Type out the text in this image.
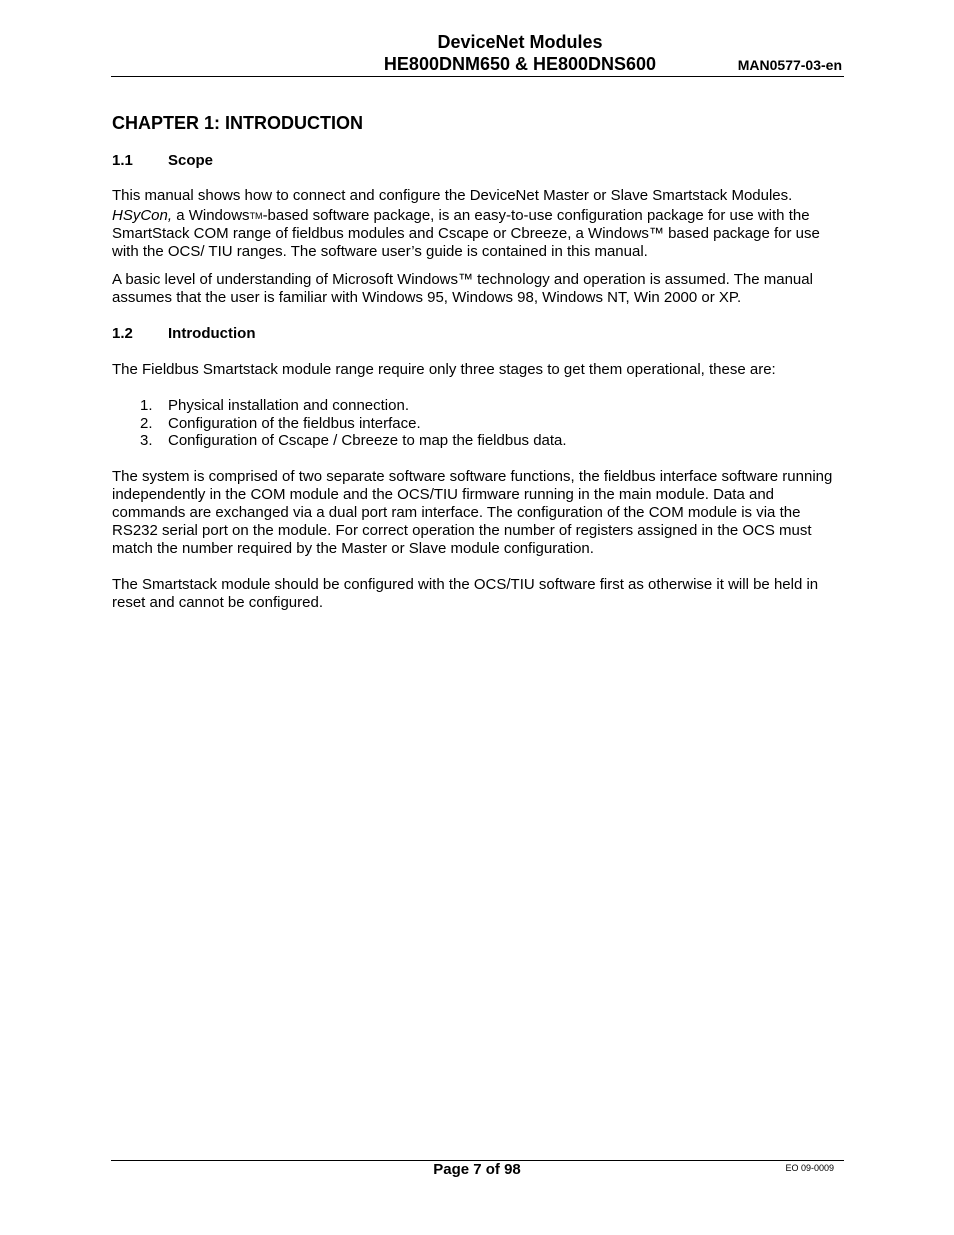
DeviceNet Modules
HE800DNM650 & HE800DNS600	MAN0577-03-en
CHAPTER 1: INTRODUCTION
1.1 Scope

This manual shows how to connect and configure the DeviceNet Master or Slave Smartstack Modules.

HSyCon, a WindowsTM-based software package, is an easy-to-use configuration package for use with the SmartStack COM range of fieldbus modules and Cscape or Cbreeze, a Windows™ based package for use with the OCS/ TIU ranges. The software user’s guide is contained in this manual.

A basic level of understanding of Microsoft Windows™ technology and operation is assumed. The manual assumes that the user is familiar with Windows 95, Windows 98, Windows NT, Win 2000 or XP.

1.2 Introduction

The Fieldbus Smartstack module range require only three stages to get them operational, these are:

1. Physical installation and connection.
2. Configuration of the fieldbus interface.
3. Configuration of Cscape / Cbreeze to map the fieldbus data.

The system is comprised of two separate software software functions, the fieldbus interface software running independently in the COM module and the OCS/TIU firmware running in the main module. Data and commands are exchanged via a dual port ram interface. The configuration of the COM module is via the RS232 serial port on the module. For correct operation the number of registers assigned in the OCS must match the number required by the Master or Slave module configuration.

The Smartstack module should be configured with the OCS/TIU software first as otherwise it will be held in reset and cannot be configured.

Page 7 of 98	EO 09-0009
